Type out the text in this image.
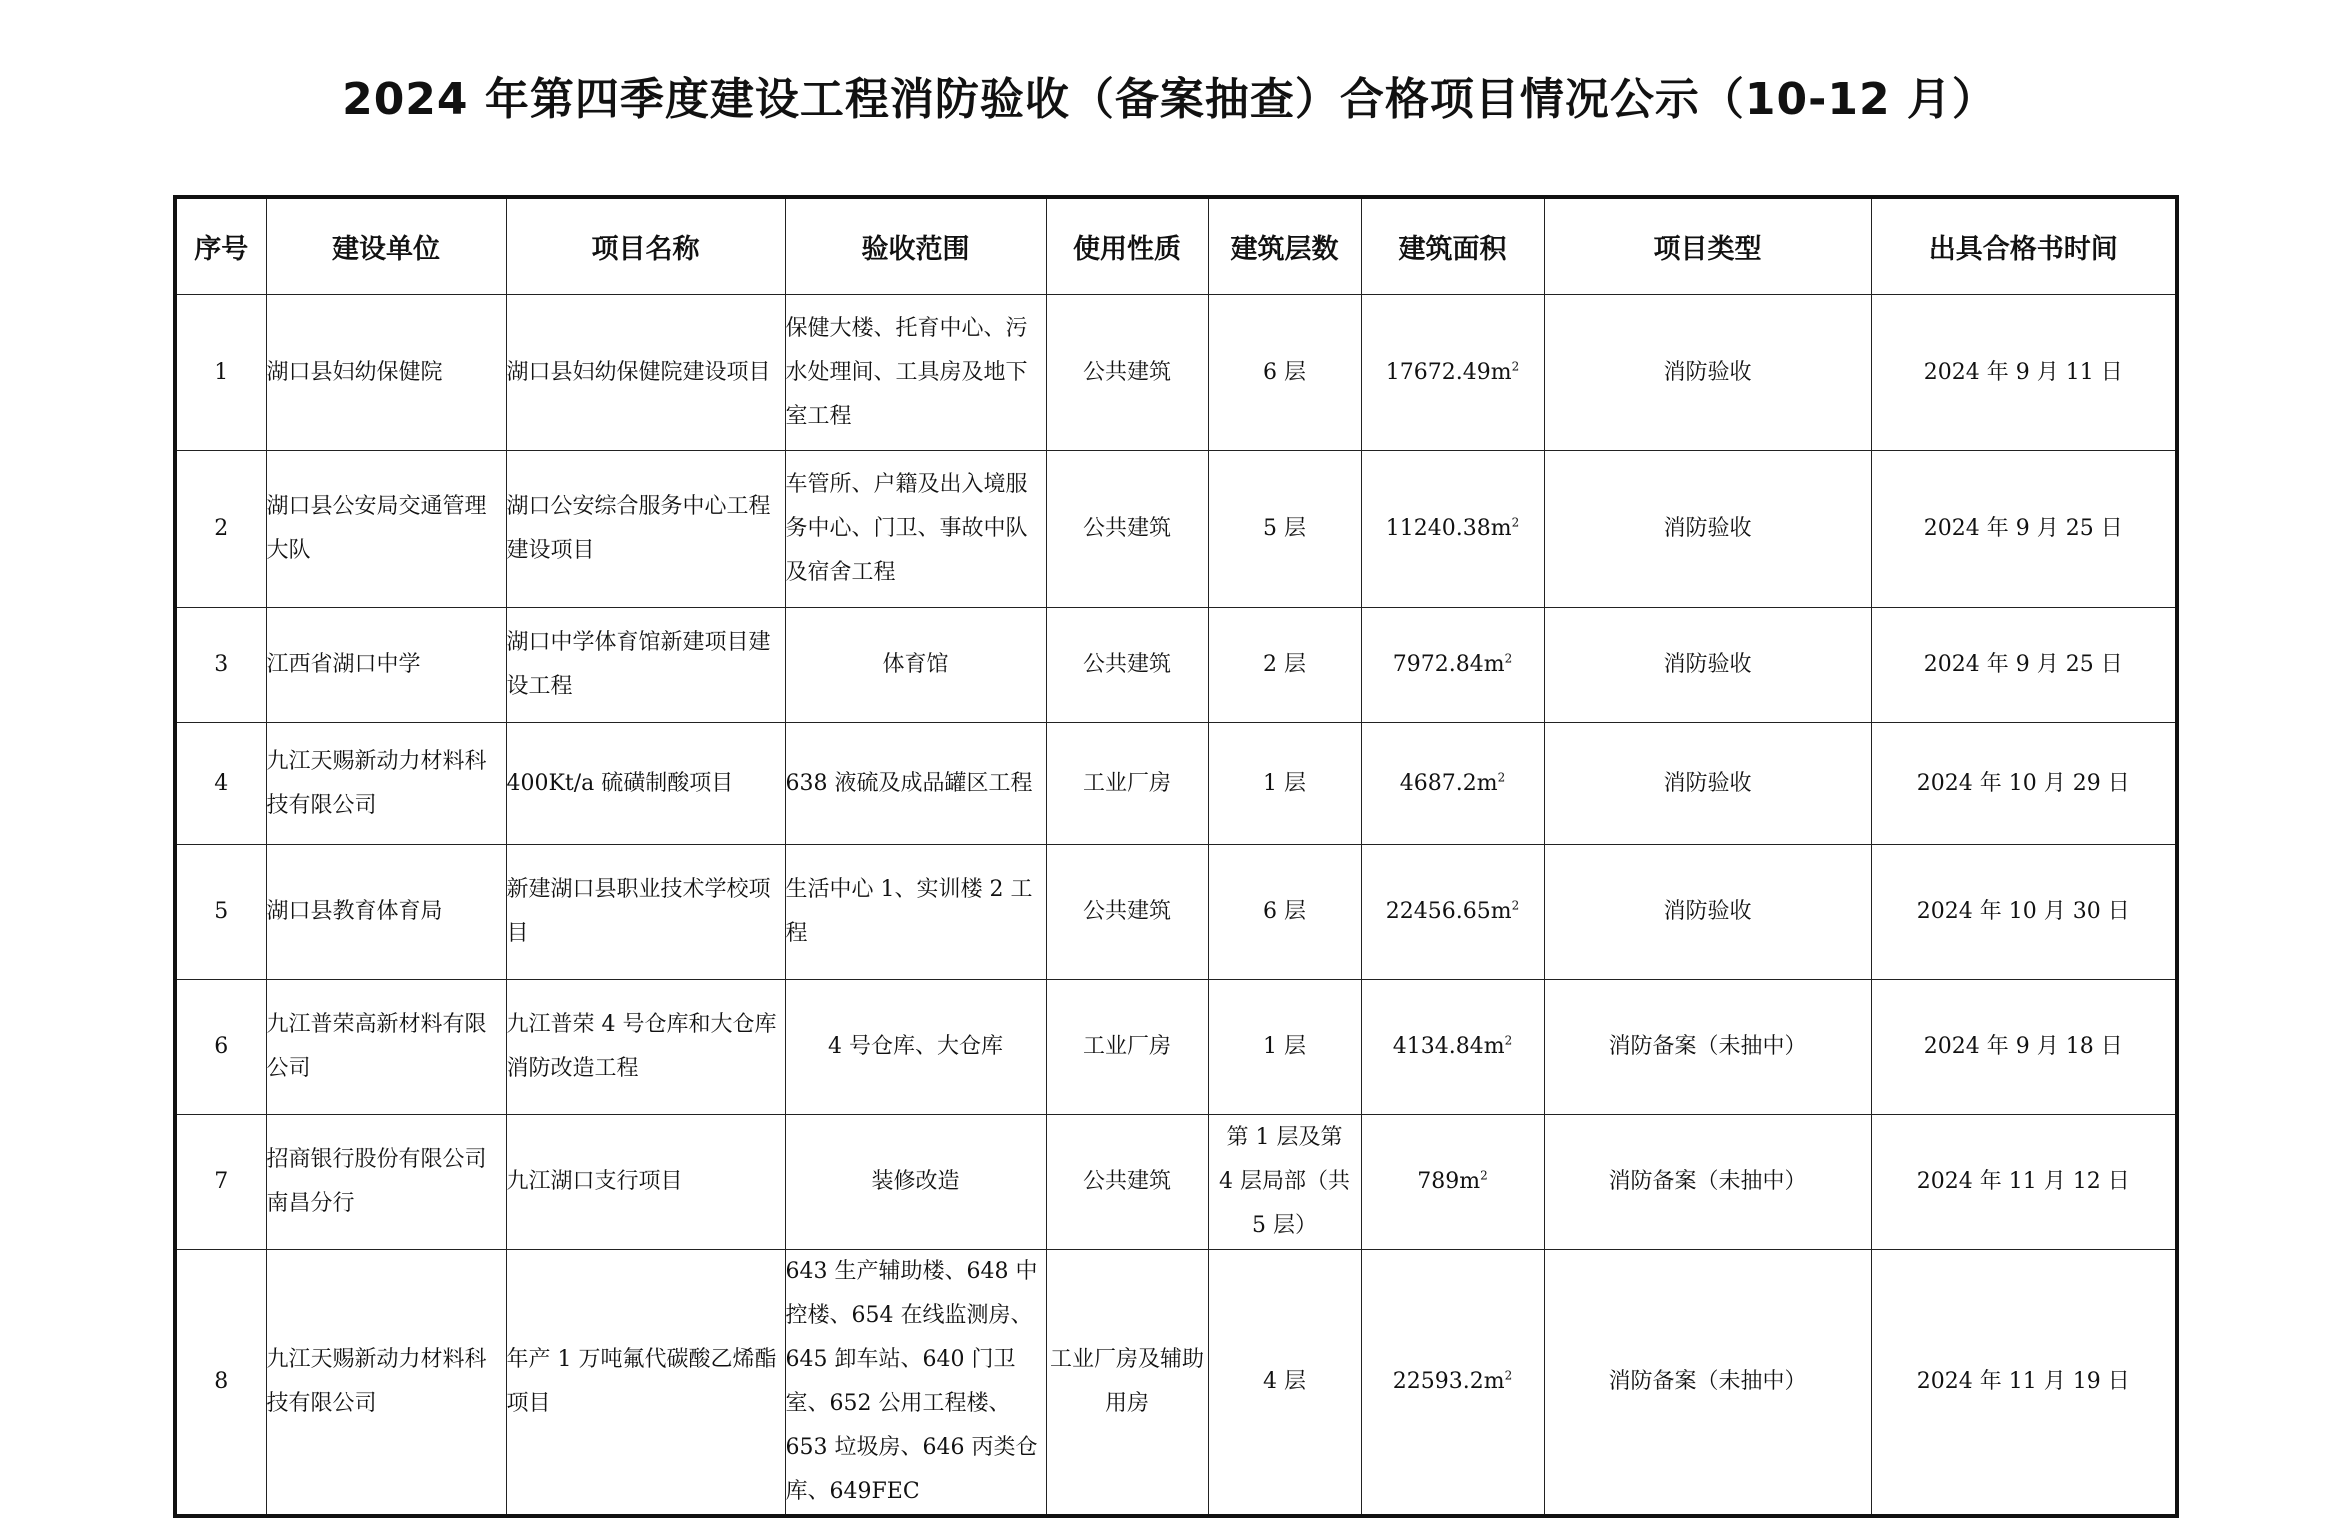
2024 年第四季度建设工程消防验收（备案抽查）合格项目情况公示（10-12 月）
序号	建设单位	项目名称	验收范围	使用性质	建筑层数	建筑面积	项目类型	出具合格书时间
1	湖口县妇幼保健院	湖口县妇幼保健院建设项目	保健大楼、托育中心、污水处理间、工具房及地下室工程	公共建筑	6 层	$17672.49m^2$	消防验收	2024 年 9 月 11 日
2	湖口县公安局交通管理大队	湖口公安综合服务中心工程建设项目	车管所、户籍及出入境服务中心、门卫、事故中队及宿舍工程	公共建筑	5 层	$11240.38m^2$	消防验收	2024 年 9 月 25 日
3	江西省湖口中学	湖口中学体育馆新建项目建设工程	体育馆	公共建筑	2 层	$7972.84m^2$	消防验收	2024 年 9 月 25 日
4	九江天赐新动力材料科技有限公司	400Kt/a 硫磺制酸项目	638 液硫及成品罐区工程	工业厂房	1 层	$4687.2m^2$	消防验收	2024 年 10 月 29 日
5	湖口县教育体育局	新建湖口县职业技术学校项目	生活中心 1、实训楼 2 工程	公共建筑	6 层	$22456.65m^2$	消防验收	2024 年 10 月 30 日
6	九江普荣高新材料有限公司	九江普荣 4 号仓库和大仓库消防改造工程	4 号仓库、大仓库	工业厂房	1 层	$4134.84m^2$	消防备案（未抽中）	2024 年 9 月 18 日
7	招商银行股份有限公司南昌分行	九江湖口支行项目	装修改造	公共建筑	第 1 层及第 4 层局部（共 5 层）	$789m^2$	消防备案（未抽中）	2024 年 11 月 12 日
8	九江天赐新动力材料科技有限公司	年产 1 万吨氟代碳酸乙烯酯项目	643 生产辅助楼、648 中控楼、654 在线监测房、645 卸车站、640 门卫室、652 公用工程楼、653 垃圾房、646 丙类仓库、649FEC	工业厂房及辅助用房	4 层	$22593.2m^2$	消防备案（未抽中）	2024 年 11 月 19 日
